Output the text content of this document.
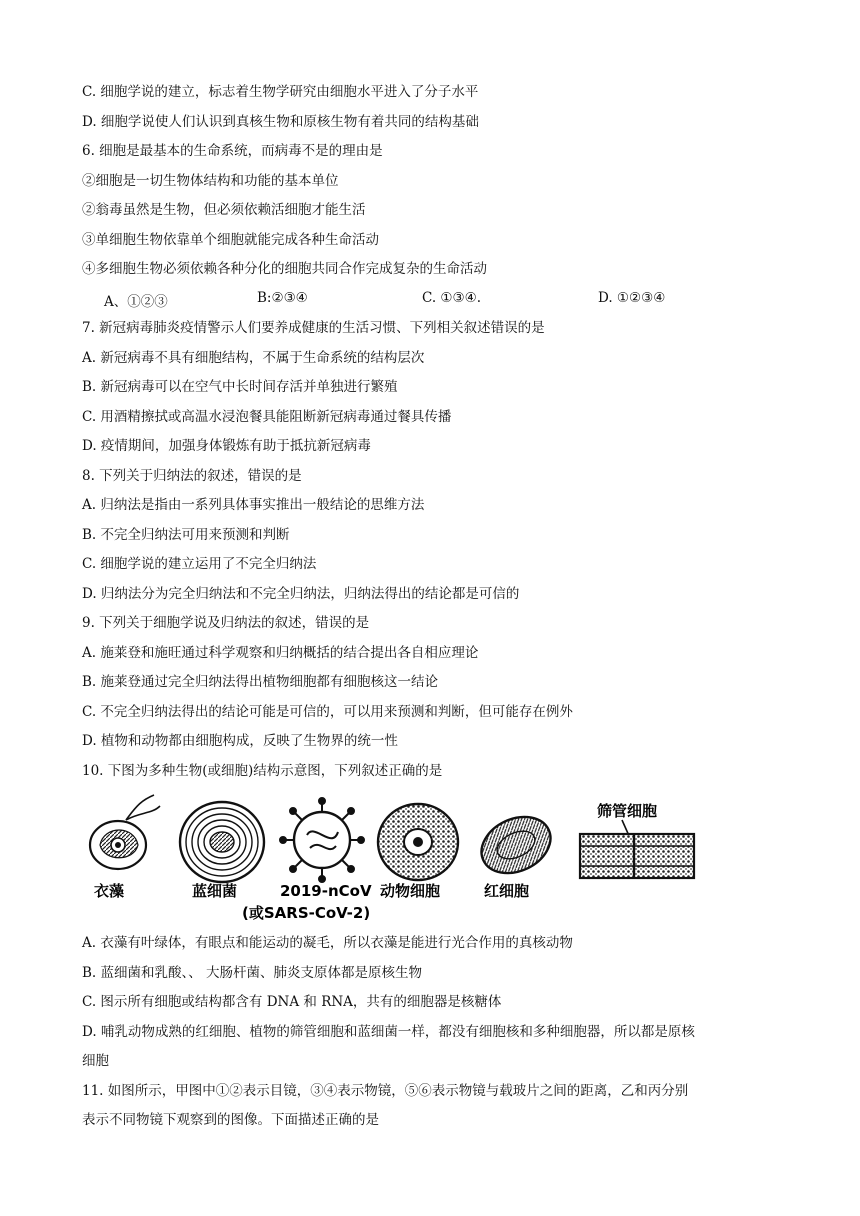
C. 细胞学说的建立，标志着生物学研究由细胞水平进入了分子水平
D. 细胞学说使人们认识到真核生物和原核生物有着共同的结构基础
6. 细胞是最基本的生命系统，而病毒不是的理由是
②细胞是一切生物体结构和功能的基本单位
②翁毒虽然是生物，但必须依赖活细胞才能生活
③单细胞生物依靠单个细胞就能完成各种生命活动
④多细胞生物必须依赖各种分化的细胞共同合作完成复杂的生命活动
A、①②③	B:②③④	C. ①③④.	D. ①②③④
7. 新冠病毒肺炎疫情警示人们要养成健康的生活习惯、下列相关叙述错误的是
A. 新冠病毒不具有细胞结构，不属于生命系统的结构层次
B. 新冠病毒可以在空气中长时间存活并单独进行繁殖
C. 用酒精擦拭或高温水浸泡餐具能阻断新冠病毒通过餐具传播
D. 疫情期间，加强身体锻炼有助于抵抗新冠病毒
8. 下列关于归纳法的叙述，错误的是
A. 归纳法是指由一系列具体事实推出一般结论的思维方法
B. 不完全归纳法可用来预测和判断
C. 细胞学说的建立运用了不完全归纳法
D. 归纳法分为完全归纳法和不完全归纳法，归纳法得出的结论都是可信的
9. 下列关于细胞学说及归纳法的叙述，错误的是
A. 施莱登和施旺通过科学观察和归纳概括的结合提出各自相应理论
B. 施莱登通过完全归纳法得出植物细胞都有细胞核这一结论
C. 不完全归纳法得出的结论可能是可信的，可以用来预测和判断，但可能存在例外
D. 植物和动物都由细胞构成，反映了生物界的统一性
10. 下图为多种生物(或细胞)结构示意图，下列叙述正确的是
衣藻	蓝细菌	2019-nCoV
(或SARS-CoV-2)
动物细胞	红细胞
筛管细胞
A. 衣藻有叶绿体，有眼点和能运动的凝毛，所以衣藻是能进行光合作用的真核动物
B. 蓝细菌和乳酸、、 大肠杆菌、肺炎支原体都是原核生物
C. 图示所有细胞或结构都含有 DNA 和 RNA，共有的细胞器是核糖体
D. 哺乳动物成熟的红细胞、植物的筛管细胞和蓝细菌一样，都没有细胞核和多种细胞器，所以都是原核
细胞
11. 如图所示，甲图中①②表示目镜，③④表示物镜，⑤⑥表示物镜与载玻片之间的距离，乙和丙分别
表示不同物镜下观察到的图像。下面描述正确的是
